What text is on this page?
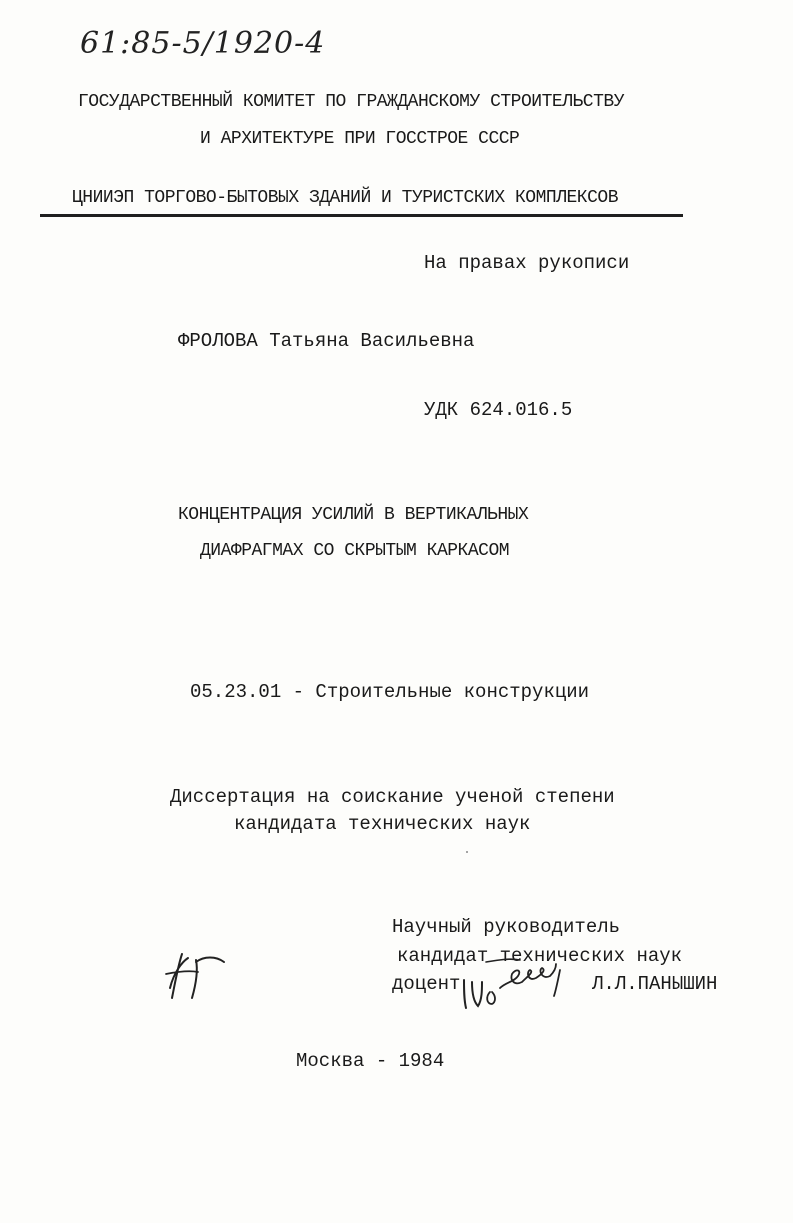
61:85-5/1920-4
ГОСУДАРСТВЕННЫЙ КОМИТЕТ ПО ГРАЖДАНСКОМУ СТРОИТЕЛЬСТВУ
И АРХИТЕКТУРЕ ПРИ ГОССТРОЕ СССР
ЦНИИЭП ТОРГОВО-БЫТОВЫХ ЗДАНИЙ И ТУРИСТСКИХ КОМПЛЕКСОВ
На правах рукописи
ФРОЛОВА Татьяна Васильевна
УДК 624.016.5
КОНЦЕНТРАЦИЯ УСИЛИЙ В ВЕРТИКАЛЬНЫХ
ДИАФРАГМАХ СО СКРЫТЫМ КАРКАСОМ
05.23.01 - Строительные конструкции
Диссертация на соискание ученой степени
кандидата технических наук
Научный руководитель
кандидат технических наук
доцент	Л.Л.ПАНЫШИН
Москва - 1984
